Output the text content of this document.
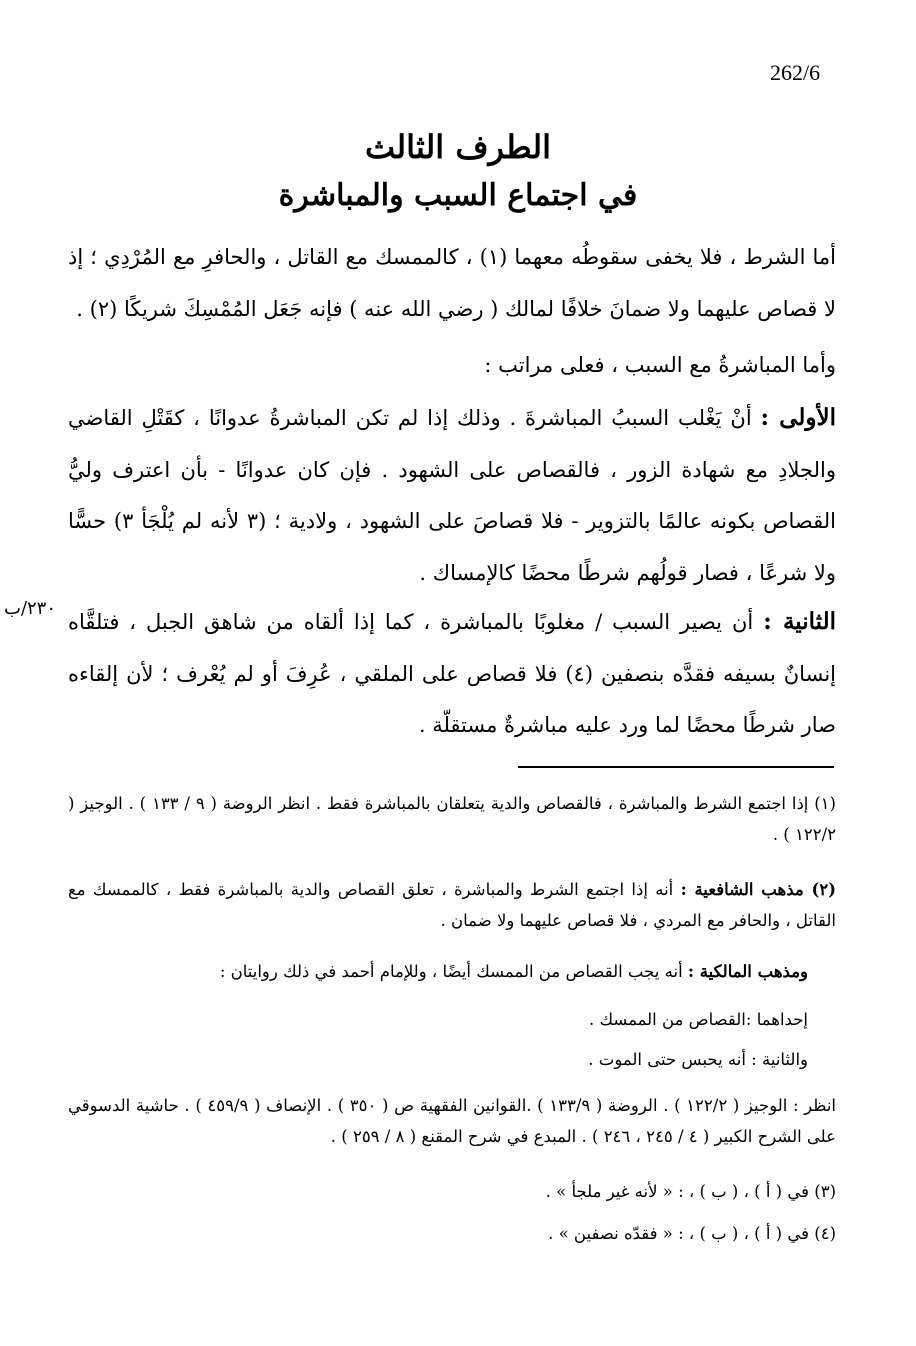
262/6
الطرف الثالث
في اجتماع السبب والمباشرة
أما الشرط ، فلا يخفى سقوطُه معهما (١) ، كالممسك مع القاتل ، والحافرِ مع المُرْدِي ؛ إذ لا قصاص عليهما ولا ضمانَ خلافًا لمالك ( رضي الله عنه ) فإنه جَعَل المُمْسِكَ شريكًا (٢) .
وأما المباشرةُ مع السبب ، فعلى مراتب :
الأولى : أنْ يَغْلب السببُ المباشرةَ . وذلك إذا لم تكن المباشرةُ عدوانًا ، كقَتْلِ القاضي والجلادِ مع شهادة الزور ، فالقصاص على الشهود . فإن كان عدوانًا - بأن اعترف وليُّ القصاص بكونه عالمًا بالتزوير - فلا قصاصَ على الشهود ، ولادية ؛ (٣ لأنه لم يُلْجَأ ٣) حسًّا ولا شرعًا ، فصار قولُهم شرطًا محضًا كالإمساك .
الثانية : أن يصير السبب / مغلوبًا بالمباشرة ، كما إذا ألقاه من شاهق الجبل ، فتلقَّاه إنسانٌ بسيفه فقدَّه بنصفين (٤) فلا قصاص على الملقي ، عُرِفَ أو لم يُعْرف ؛ لأن إلقاءه صار شرطًا محضًا لما ورد عليه مباشرةٌ مستقلّة .
٢٣٠/ب
(١) إذا اجتمع الشرط والمباشرة ، فالقصاص والدية يتعلقان بالمباشرة فقط . انظر الروضة ( ٩ / ١٣٣ ) . الوجيز ( ١٢٢/٢ ) .
(٢) مذهب الشافعية : أنه إذا اجتمع الشرط والمباشرة ، تعلق القصاص والدية بالمباشرة فقط ، كالممسك مع القاتل ، والحافر مع المردي ، فلا قصاص عليهما ولا ضمان .
ومذهب المالكية : أنه يجب القصاص من الممسك أيضًا ، وللإمام أحمد في ذلك روايتان :
إحداهما :القصاص من الممسك .
والثانية : أنه يحبس حتى الموت .
انظر : الوجيز ( ١٢٢/٢ ) . الروضة ( ١٣٣/٩ ) .القوانين الفقهية ص ( ٣٥٠ ) . الإنصاف ( ٤٥٩/٩ ) . حاشية الدسوقي على الشرح الكبير ( ٤ / ٢٤٥ ، ٢٤٦ ) . المبدع في شرح المقنع ( ٨ / ٢٥٩ ) .
(٣) في ( أ ) ، ( ب ) ، : « لأنه غير ملجأ » .
(٤) في ( أ ) ، ( ب ) ، : « فقدّه نصفين » .
